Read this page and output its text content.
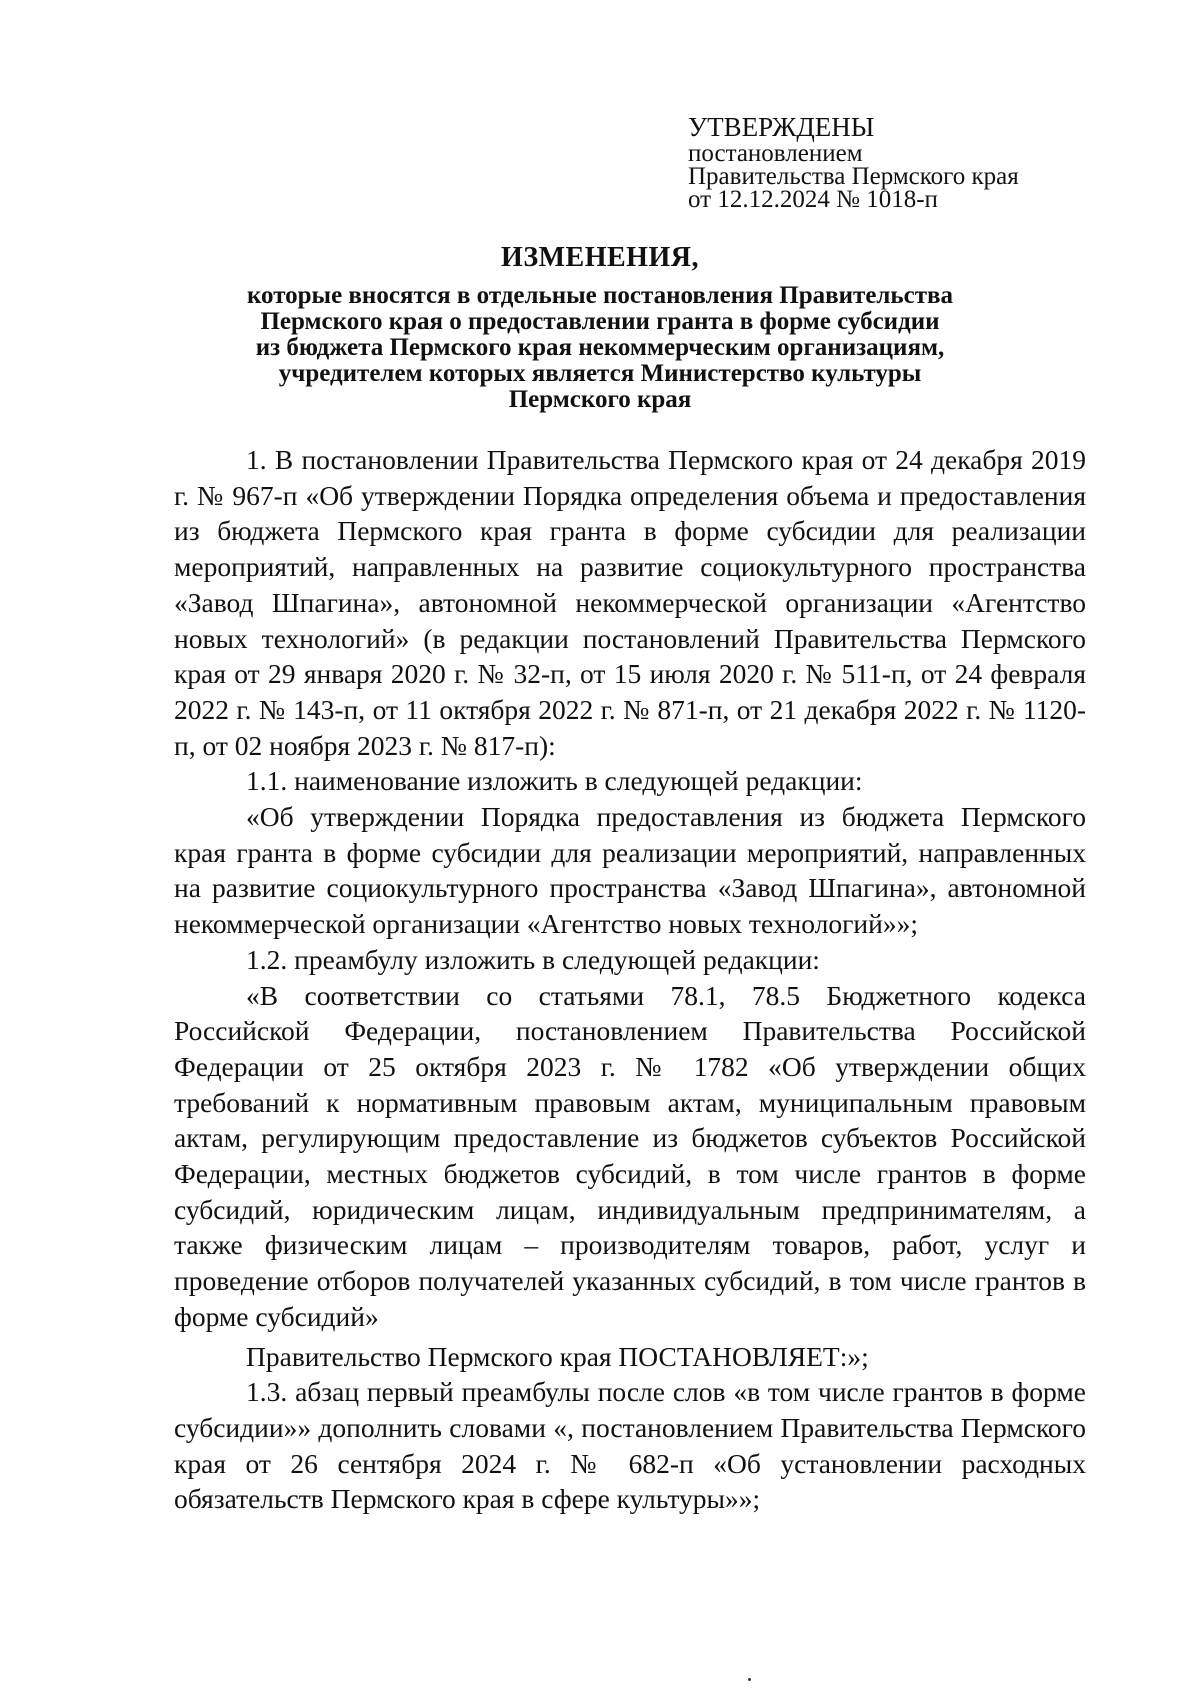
УТВЕРЖДЕНЫ
постановлением
Правительства Пермского края
от 12.12.2024 № 1018-п
ИЗМЕНЕНИЯ,
которые вносятся в отдельные постановления Правительства
Пермского края о предоставлении гранта в форме субсидии
из бюджета Пермского края некоммерческим организациям,
учредителем которых является Министерство культуры
Пермского края

1. В постановлении Правительства Пермского края от 24 декабря 2019 г. № 967-п «Об утверждении Порядка определения объема и предоставления из бюджета Пермского края гранта в форме субсидии для реализации мероприятий, направленных на развитие социокультурного пространства «Завод Шпагина», автономной некоммерческой организации «Агентство новых технологий» (в редакции постановлений Правительства Пермского края от 29 января 2020 г. № 32-п, от 15 июля 2020 г. № 511-п, от 24 февраля 2022 г. № 143-п, от 11 октября 2022 г. № 871-п, от 21 декабря 2022 г. № 1120-п, от 02 ноября 2023 г. № 817-п):

1.1. наименование изложить в следующей редакции:

«Об утверждении Порядка предоставления из бюджета Пермского края гранта в форме субсидии для реализации мероприятий, направленных на развитие социокультурного пространства «Завод Шпагина», автономной некоммерческой организации «Агентство новых технологий»»;

1.2. преамбулу изложить в следующей редакции:

«В соответствии со статьями 78.1, 78.5 Бюджетного кодекса Российской Федерации, постановлением Правительства Российской Федерации от 25 октября 2023 г. № 1782 «Об утверждении общих требований к нормативным правовым актам, муниципальным правовым актам, регулирующим предоставление из бюджетов субъектов Российской Федерации, местных бюджетов субсидий, в том числе грантов в форме субсидий, юридическим лицам, индивидуальным предпринимателям, а также физическим лицам – производителям товаров, работ, услуг и проведение отборов получателей указанных субсидий, в том числе грантов в форме субсидий»

Правительство Пермского края ПОСТАНОВЛЯЕТ:»;

1.3. абзац первый преамбулы после слов «в том числе грантов в форме субсидии»» дополнить словами «, постановлением Правительства Пермского края от 26 сентября 2024 г. № 682-п «Об установлении расходных обязательств Пермского края в сфере культуры»»;
